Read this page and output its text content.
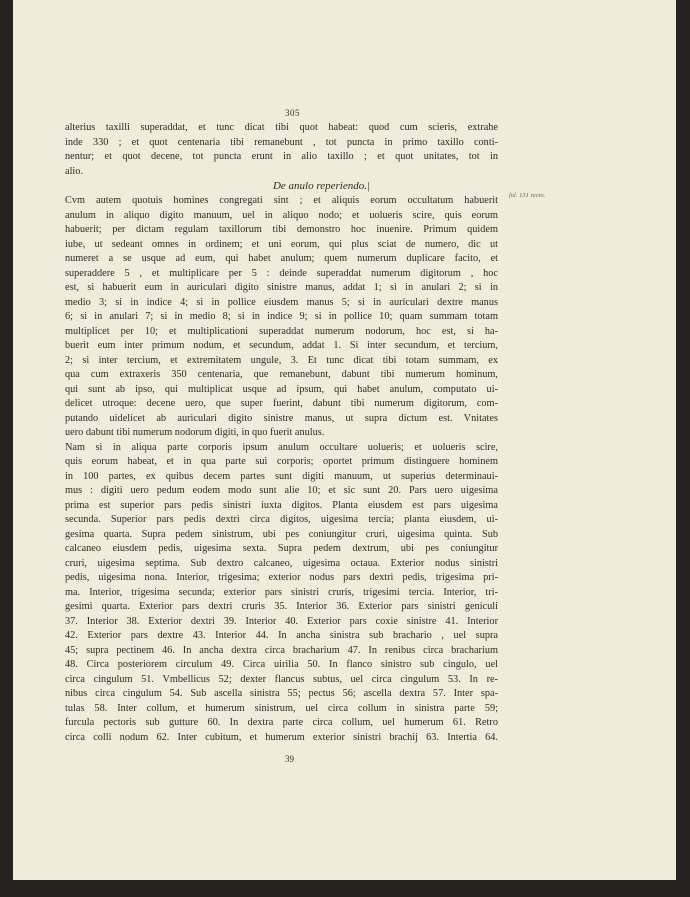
305
fol. 131 recto.
alterius taxilli superaddat, et tunc dicat tibi quot habeat: quod cum scieris, extrahe
inde 330 ; et quot centenaria tibi remanebunt , tot puncta in primo taxillo conti-
nentur; et quot decene, tot puncta erunt in alio taxillo ; et quot unitates, tot in
alio.
De anulo reperiendo.|
Cvm autem quotuis homines congregati sint ; et aliquis eorum occultatum habuerit
anulum in aliquo digito manuum, uel in aliquo nodo; et uolueris scire, quis eorum
habuerit; per dictam regulam taxillorum tibi demonstro hoc inuenire. Primum quidem
iube, ut sedeant omnes in ordinem; et uni eorum, qui plus sciat de numero, dic ut
numeret a se usque ad eum, qui habet anulum; quem numerum duplicare facito, et
superaddere 5 , et multiplicare per 5 : deinde superaddat numerum digitorum , hoc
est, si habuerit eum in auriculari digito sinistre manus, addat 1; si in anulari 2; si in
medio 3; si in indice 4; si in pollice eiusdem manus 5; si in auriculari dextre manus
6; si in anulari 7; si in medio 8; si in indice 9; si in pollice 10; quam summam totam
multiplicet per 10; et multiplicationi superaddat numerum nodorum, hoc est, si ha-
buerit eum inter primum nodum, et secundum, addat 1. Si inter secundum, et tercium,
2; si inter tercium, et extremitatem ungule, 3. Et tunc dicat tibi totam summam, ex
qua cum extraxeris 350 centenaria, que remanebunt, dabunt tibi numerum hominum,
qui sunt ab ipso, qui multiplicat usque ad ipsum, qui habet anulum, computato ui-
delicet utroque: decene uero, que super fuerint, dabunt tibi numerum digitorum, com-
putando uidelicet ab auriculari digito sinistre manus, ut supra dictum est. Vnitates
uero dabunt tibi numerum nodorum digiti, in quo fuerit anulus.
Nam si in aliqua parte corporis ipsum anulum occultare uolueris; et uolueris scire,
quis eorum habeat, et in qua parte sui corporis; oportet primum distinguere hominem
in 100 partes, ex quibus decem partes sunt digiti manuum, ut superius determinaui-
mus : digiti uero pedum eodem modo sunt alie 10; et sic sunt 20. Pars uero uigesima
prima est superior pars pedis sinistri iuxta digitos. Planta eiusdem est pars uigesima
secunda. Superior pars pedis dextri circa digitos, uigesima tercia; planta eiusdem, ui-
gesima quarta. Supra pedem sinistrum, ubi pes coniungitur cruri, uigesima quinta. Sub
calcaneo eiusdem pedis, uigesima sexta. Supra pedem dextrum, ubi pes coniungitur
cruri, uigesima septima. Sub dextro calcaneo, uigesima octaua. Exterior nodus sinistri
pedis, uigesima nona. Interior, trigesima; exterior nodus pars dextri pedis, trigesima pri-
ma. Interior, trigesima secunda; exterior pars sinistri cruris, trigesimi tercia. Interior, tri-
gesimi quarta. Exterior pars dextri cruris 35. Interior 36. Exterior pars sinistri geniculi
37. Interior 38. Exterior dextri 39. Interior 40. Exterior pars coxie sinistre 41. Interior
42. Exterior pars dextre 43. Interior 44. In ancha sinistra sub brachario , uel supra
45; supra pectinem 46. In ancha dextra circa bracharium 47. In renibus circa bracharium
48. Circa posteriorem circulum 49. Circa uirilia 50. In flanco sinistro sub cingulo, uel
circa cingulum 51. Vmbellicus 52; dexter flancus subtus, uel circa cingulum 53. In re-
nibus circa cingulum 54. Sub ascella sinistra 55; pectus 56; ascella dextra 57. Inter spa-
tulas 58. Inter collum, et humerum sinistrum, uel circa collum in sinistra parte 59;
furcula pectoris sub gutture 60. In dextra parte circa collum, uel humerum 61. Retro
circa colli nodum 62. Inter cubitum, et humerum exterior sinistri brachij 63. Intertia 64.
39
